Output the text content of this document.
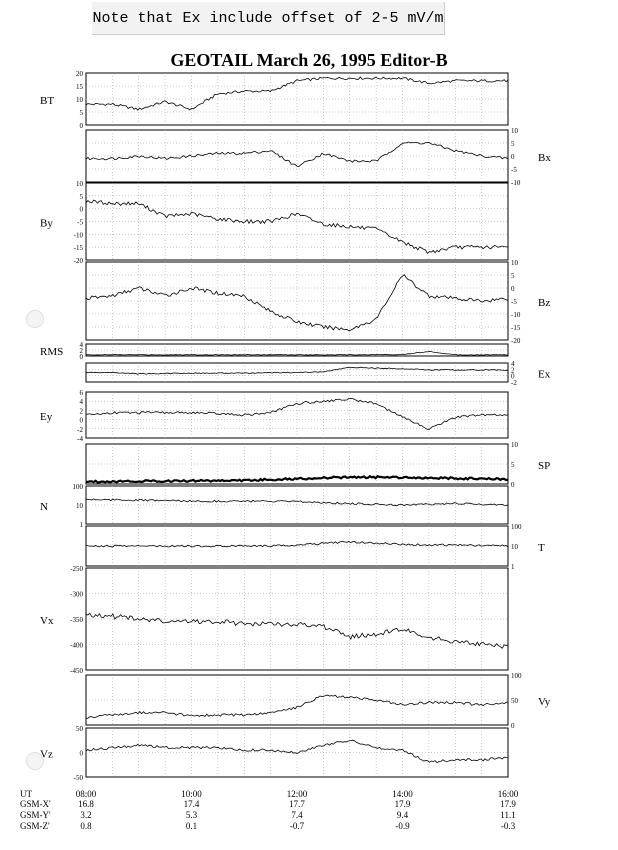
Note that Ex include offset of 2-5 mV/m
GEOTAIL March 26, 1995 Editor-B
20
15
10
5
0
BT
10
5
0
-5
-10
Bx
10
5
0
-5
-10
-15
-20
By
10
5
0
-5
-10
-15
-20
Bz
4
2
0
RMS
4
2
0
-2
Ex
6
4
2
0
-2
-4
Ey
10
5
0
SP
100
10
1
N
100
10
1
T
-250
-300
-350
-400
-450
Vx
100
50
0
Vy
50
0
-50
Vz
UT	08:00	10:00	12:00	14:00	16:00
GSM-X'	16.8	17.4	17.7	17.9	17.9
GSM-Y'	3.2	5.3	7.4	9.4	11.1
GSM-Z'	0.8	0.1	-0.7	-0.9	-0.3
